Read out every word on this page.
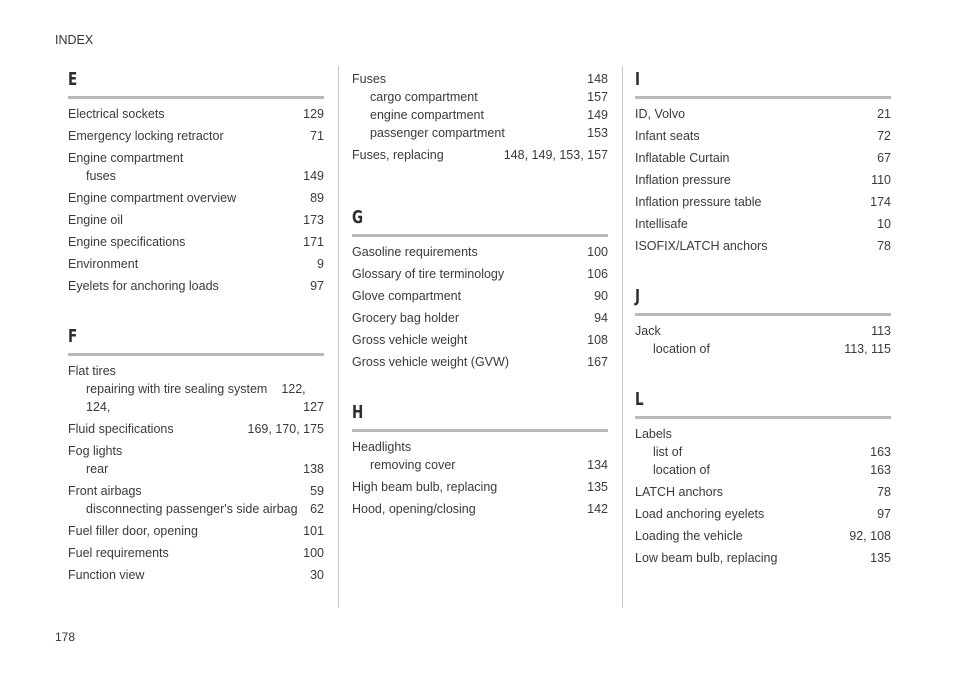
INDEX
E
Electrical sockets	129
Emergency locking retractor	71
Engine compartment
fuses	149
Engine compartment overview	89
Engine oil	173
Engine specifications	171
Environment	9
Eyelets for anchoring loads	97
F
Flat tires
repairing with tire sealing system	122,
124,	127
Fluid specifications	169, 170, 175
Fog lights
rear	138
Front airbags	59
disconnecting passenger's side airbag	62
Fuel filler door, opening	101
Fuel requirements	100
Function view	30
Fuses	148
cargo compartment	157
engine compartment	149
passenger compartment	153
Fuses, replacing	148, 149, 153, 157
G
Gasoline requirements	100
Glossary of tire terminology	106
Glove compartment	90
Grocery bag holder	94
Gross vehicle weight	108
Gross vehicle weight (GVW)	167
H
Headlights
removing cover	134
High beam bulb, replacing	135
Hood, opening/closing	142
I
ID, Volvo	21
Infant seats	72
Inflatable Curtain	67
Inflation pressure	110
Inflation pressure table	174
Intellisafe	10
ISOFIX/LATCH anchors	78
J
Jack	113
location of	113, 115
L
Labels
list of	163
location of	163
LATCH anchors	78
Load anchoring eyelets	97
Loading the vehicle	92, 108
Low beam bulb, replacing	135
178
